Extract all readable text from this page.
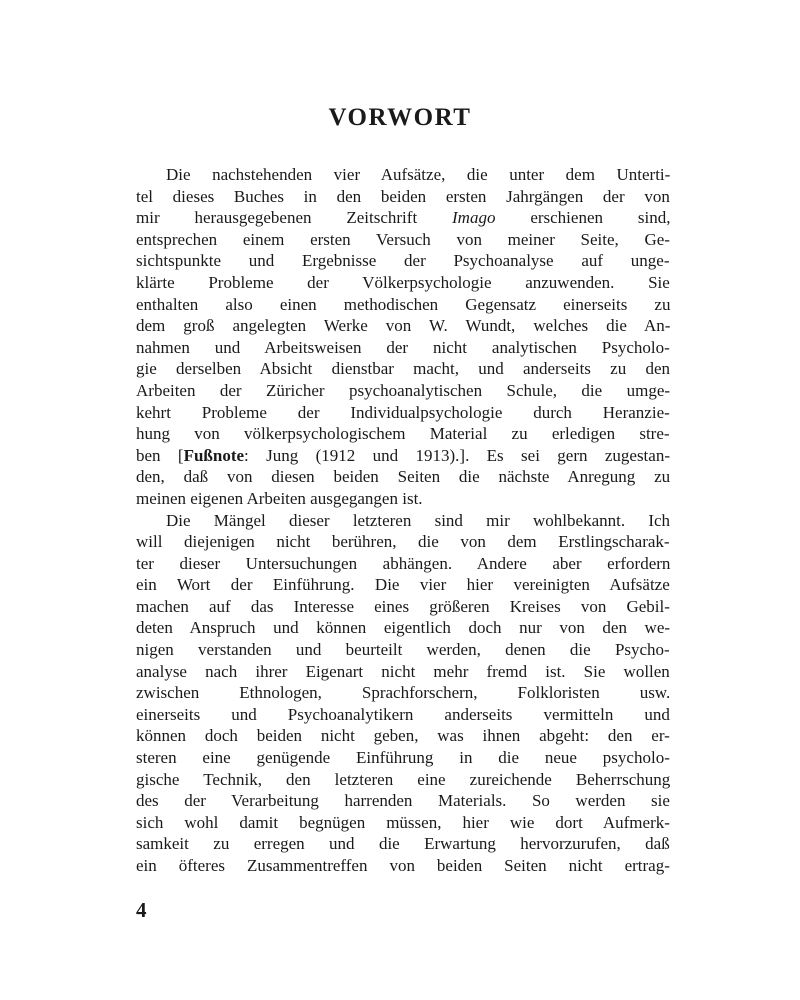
VORWORT
Die nachstehenden vier Aufsätze, die unter dem Unterti-
tel dieses Buches in den beiden ersten Jahrgängen der von
mir herausgegebenen Zeitschrift Imago erschienen sind,
entsprechen einem ersten Versuch von meiner Seite, Ge-
sichtspunkte und Ergebnisse der Psychoanalyse auf unge-
klärte Probleme der Völkerpsychologie anzuwenden. Sie
enthalten also einen methodischen Gegensatz einerseits zu
dem groß angelegten Werke von W. Wundt, welches die An-
nahmen und Arbeitsweisen der nicht analytischen Psycholo-
gie derselben Absicht dienstbar macht, und anderseits zu den
Arbeiten der Züricher psychoanalytischen Schule, die umge-
kehrt Probleme der Individualpsychologie durch Heranzie-
hung von völkerpsychologischem Material zu erledigen stre-
ben [Fußnote: Jung (1912 und 1913).]. Es sei gern zugestan-
den, daß von diesen beiden Seiten die nächste Anregung zu
meinen eigenen Arbeiten ausgegangen ist.
Die Mängel dieser letzteren sind mir wohlbekannt. Ich
will diejenigen nicht berühren, die von dem Erstlingscharak-
ter dieser Untersuchungen abhängen. Andere aber erfordern
ein Wort der Einführung. Die vier hier vereinigten Aufsätze
machen auf das Interesse eines größeren Kreises von Gebil-
deten Anspruch und können eigentlich doch nur von den we-
nigen verstanden und beurteilt werden, denen die Psycho-
analyse nach ihrer Eigenart nicht mehr fremd ist. Sie wollen
zwischen Ethnologen, Sprachforschern, Folkloristen usw.
einerseits und Psychoanalytikern anderseits vermitteln und
können doch beiden nicht geben, was ihnen abgeht: den er-
steren eine genügende Einführung in die neue psycholo-
gische Technik, den letzteren eine zureichende Beherrschung
des der Verarbeitung harrenden Materials. So werden sie
sich wohl damit begnügen müssen, hier wie dort Aufmerk-
samkeit zu erregen und die Erwartung hervorzurufen, daß
ein öfteres Zusammentreffen von beiden Seiten nicht ertrag-
4
